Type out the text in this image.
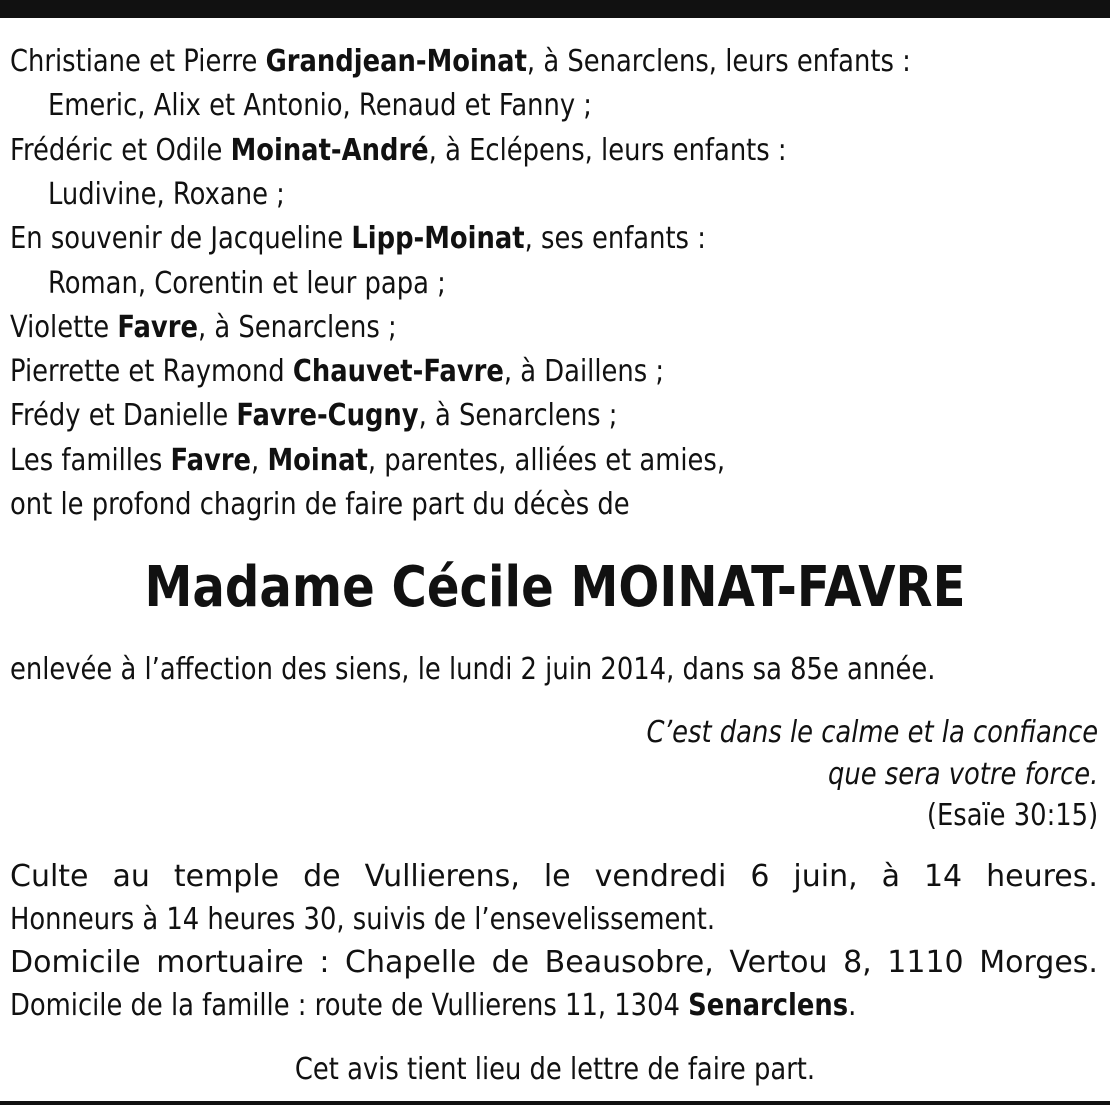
Christiane et Pierre Grandjean-Moinat, à Senarclens, leurs enfants :
Emeric, Alix et Antonio, Renaud et Fanny ;
Frédéric et Odile Moinat-André, à Eclépens, leurs enfants :
Ludivine, Roxane ;
En souvenir de Jacqueline Lipp-Moinat, ses enfants :
Roman, Corentin et leur papa ;
Violette Favre, à Senarclens ;
Pierrette et Raymond Chauvet-Favre, à Daillens ;
Frédy et Danielle Favre-Cugny, à Senarclens ;
Les familles Favre, Moinat, parentes, alliées et amies,
ont le profond chagrin de faire part du décès de
Madame Cécile MOINAT-FAVRE
enlevée à l’affection des siens, le lundi 2 juin 2014, dans sa 85e année.
C’est dans le calme et la confiance
que sera votre force.
(Esaïe 30:15)
Culte au temple de Vullierens, le vendredi 6 juin, à 14 heures.
Honneurs à 14 heures 30, suivis de l’ensevelissement.
Domicile mortuaire : Chapelle de Beausobre, Vertou 8, 1110 Morges.
Domicile de la famille : route de Vullierens 11, 1304 Senarclens.
Cet avis tient lieu de lettre de faire part.
